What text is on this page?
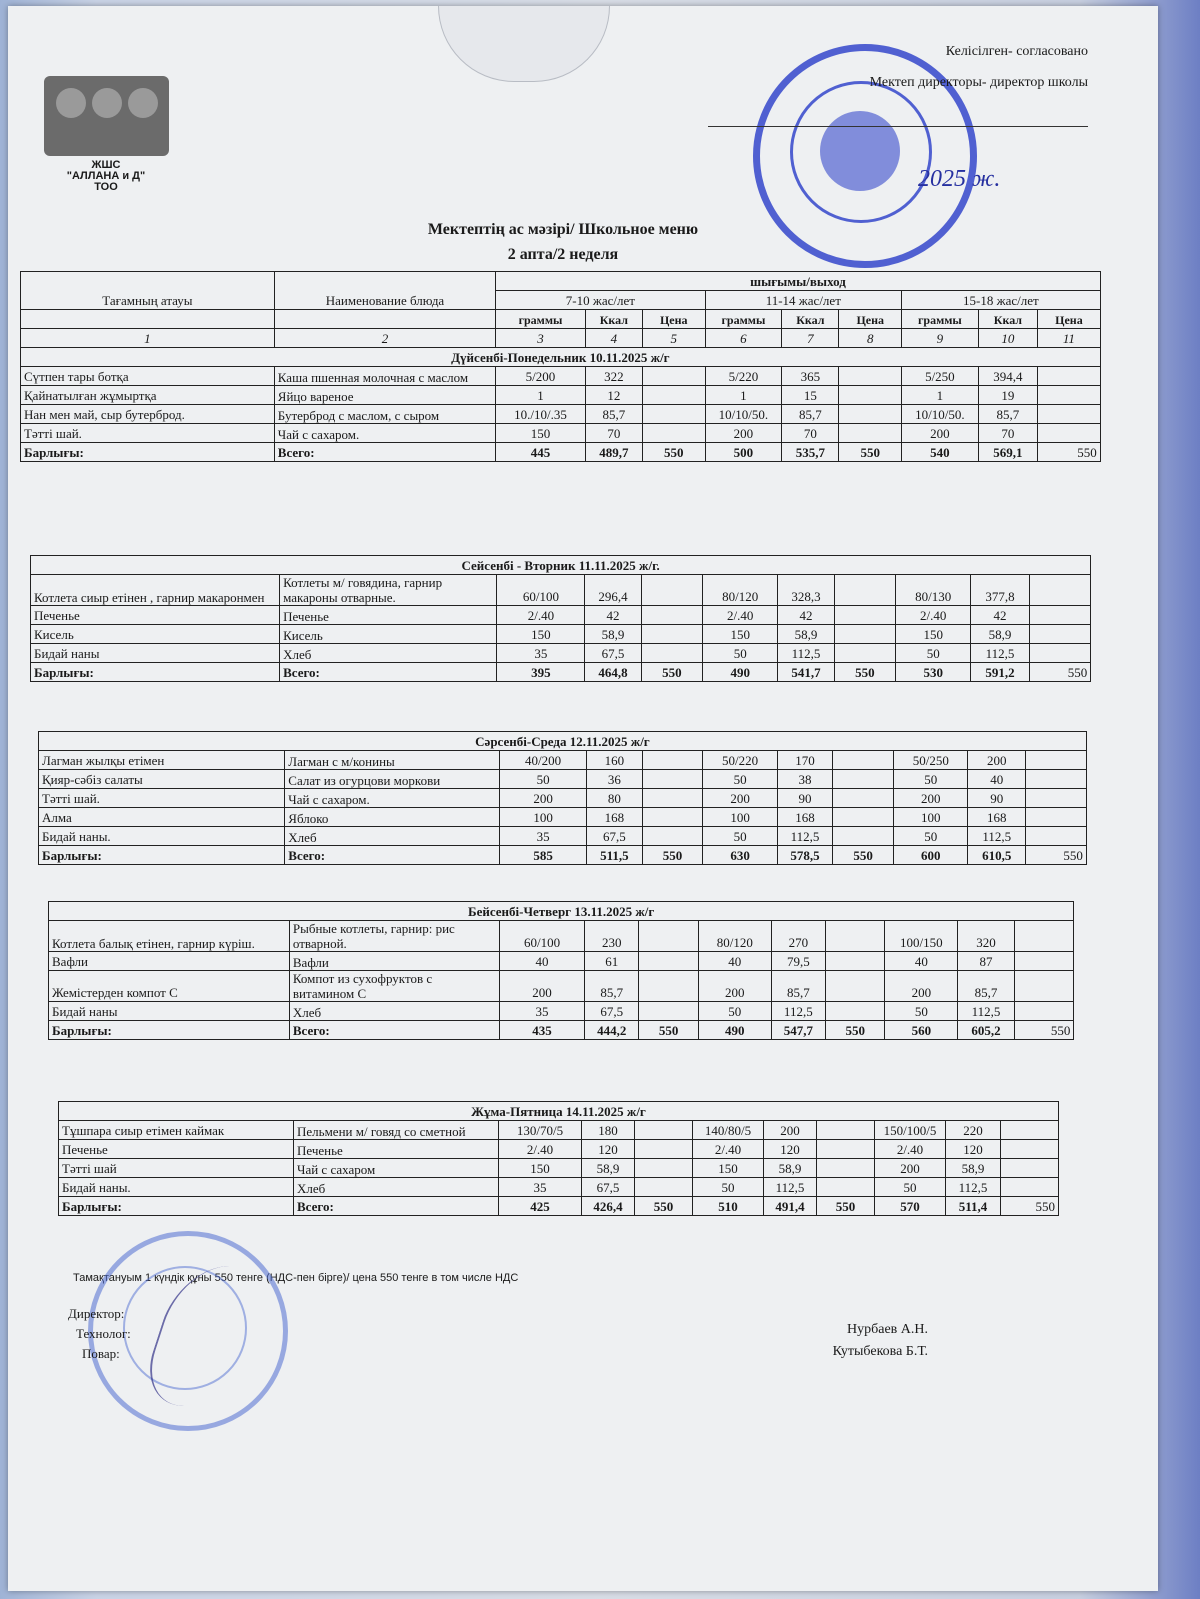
ЖШС
"АЛЛАНА и Д"
ТОО
Келісілген- согласовано
Мектеп директоры- директор школы
2025 ж.
Мектептің ас мәзірі/ Школьное меню
2 апта/2 неделя
Тағамның атауы	Наименование блюда	шығымы/выход								
		7-10 жас/лет			11-14 жас/лет			15-18 жас/лет		
		граммы	Ккал	Цена	граммы	Ккал	Цена	граммы	Ккал	Цена
1	2	3	4	5	6	7	8	9	10	11
Дүйсенбі-Понедельник 10.11.2025 ж/г										
Сүтпен тары ботқа	Каша пшенная молочная с маслом	5/200	322		5/220	365		5/250	394,4	
Қайнатылған жұмыртқа	Яйцо вареное	1	12		1	15		1	19	
Нан мен май, сыр бутерброд.	Бутерброд с маслом, с сыром	10./10/.35	85,7		10/10/50.	85,7		10/10/50.	85,7	
Тәтті шай.	Чай с сахаром.	150	70		200	70		200	70	
Барлығы:	Всего:	445	489,7	550	500	535,7	550	540	569,1	550
Сейсенбі - Вторник 11.11.2025 ж/г.										
Котлета сиыр етінен , гарнир макаронмен	Котлеты м/ говядина, гарнир макароны отварные.	60/100	296,4		80/120	328,3		80/130	377,8	
Печенье	Печенье	2/.40	42		2/.40	42		2/.40	42	
Кисель	Кисель	150	58,9		150	58,9		150	58,9	
Бидай наны	Хлеб	35	67,5		50	112,5		50	112,5	
Барлығы:	Всего:	395	464,8	550	490	541,7	550	530	591,2	550
Сәрсенбі-Среда 12.11.2025 ж/г										
Лагман жылқы етімен	Лагман с м/конины	40/200	160		50/220	170		50/250	200	
Қияр-сәбіз салаты	Салат из огурцови моркови	50	36		50	38		50	40	
Тәтті шай.	Чай с сахаром.	200	80		200	90		200	90	
Алма	Яблоко	100	168		100	168		100	168	
Бидай наны.	Хлеб	35	67,5		50	112,5		50	112,5	
Барлығы:	Всего:	585	511,5	550	630	578,5	550	600	610,5	550
Бейсенбі-Четверг 13.11.2025 ж/г										
Котлета балық етінен, гарнир күріш.	Рыбные котлеты, гарнир: рис отварной.	60/100	230		80/120	270		100/150	320	
Вафли	Вафли	40	61		40	79,5		40	87	
Жемістерден компот С	Компот из сухофруктов с витамином С	200	85,7		200	85,7		200	85,7	
Бидай наны	Хлеб	35	67,5		50	112,5		50	112,5	
Барлығы:	Всего:	435	444,2	550	490	547,7	550	560	605,2	550
Жұма-Пятница 14.11.2025 ж/г										
Тұшпара сиыр етімен каймак	Пельмени м/ говяд со сметной	130/70/5	180		140/80/5	200		150/100/5	220	
Печенье	Печенье	2/.40	120		2/.40	120		2/.40	120	
Тәтті шай	Чай с сахаром	150	58,9		150	58,9		200	58,9	
Бидай наны.	Хлеб	35	67,5		50	112,5		50	112,5	
Барлығы:	Всего:	425	426,4	550	510	491,4	550	570	511,4	550
Тамақтануым 1 күндік құны 550 тенге (НДС-пен бірге)/ цена 550 тенге в том числе НДС
Директор:
Технолог:
Повар:
Нурбаев А.Н.
Кутыбекова Б.Т.
